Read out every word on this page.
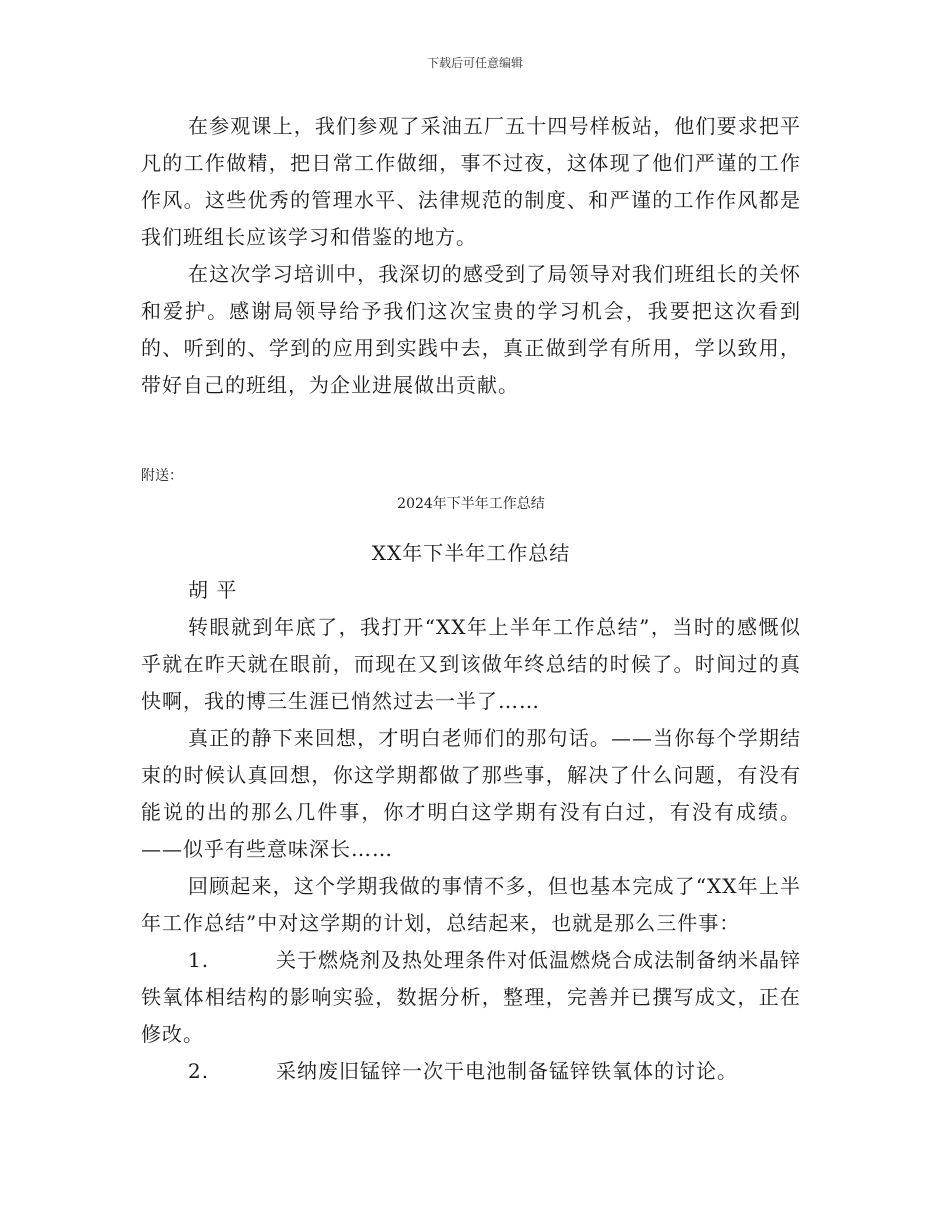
下载后可任意编辑

在参观课上，我们参观了采油五厂五十四号样板站，他们要求把平凡的工作做精，把日常工作做细，事不过夜，这体现了他们严谨的工作作风。这些优秀的管理水平、法律规范的制度、和严谨的工作作风都是我们班组长应该学习和借鉴的地方。

在这次学习培训中，我深切的感受到了局领导对我们班组长的关怀和爱护。感谢局领导给予我们这次宝贵的学习机会，我要把这次看到的、听到的、学到的应用到实践中去，真正做到学有所用，学以致用，带好自己的班组，为企业进展做出贡献。

附送：
2024年下半年工作总结

XX年下半年工作总结

胡 平

转眼就到年底了，我打开“XX年上半年工作总结”，当时的感慨似乎就在昨天就在眼前，而现在又到该做年终总结的时候了。时间过的真快啊，我的博三生涯已悄然过去一半了……

真正的静下来回想，才明白老师们的那句话。——当你每个学期结束的时候认真回想，你这学期都做了那些事，解决了什么问题，有没有能说的出的那么几件事，你才明白这学期有没有白过，有没有成绩。——似乎有些意味深长……

回顾起来，这个学期我做的事情不多，但也基本完成了“XX年上半年工作总结”中对这学期的计划，总结起来，也就是那么三件事：

1.	关于燃烧剂及热处理条件对低温燃烧合成法制备纳米晶锌铁氧体相结构的影响实验，数据分析，整理，完善并已撰写成文，正在修改。

2.	采纳废旧锰锌一次干电池制备锰锌铁氧体的讨论。
